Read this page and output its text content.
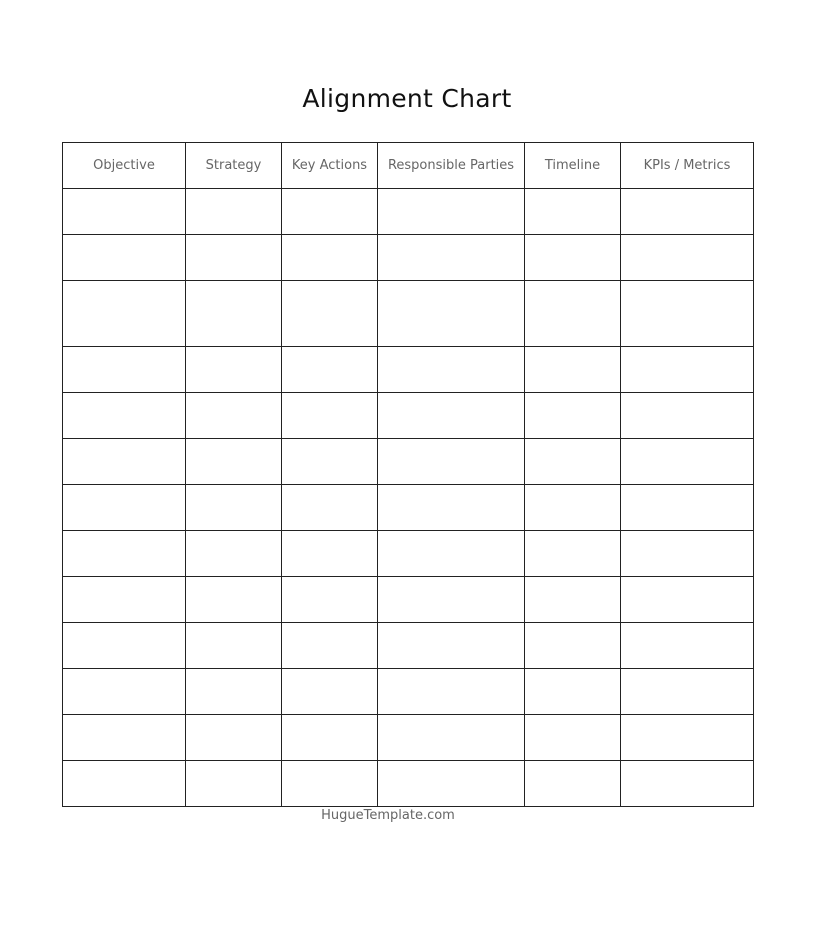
Alignment Chart
Objective	Strategy	Key Actions	Responsible Parties	Timeline	KPIs / Metrics

HugueTemplate.com
